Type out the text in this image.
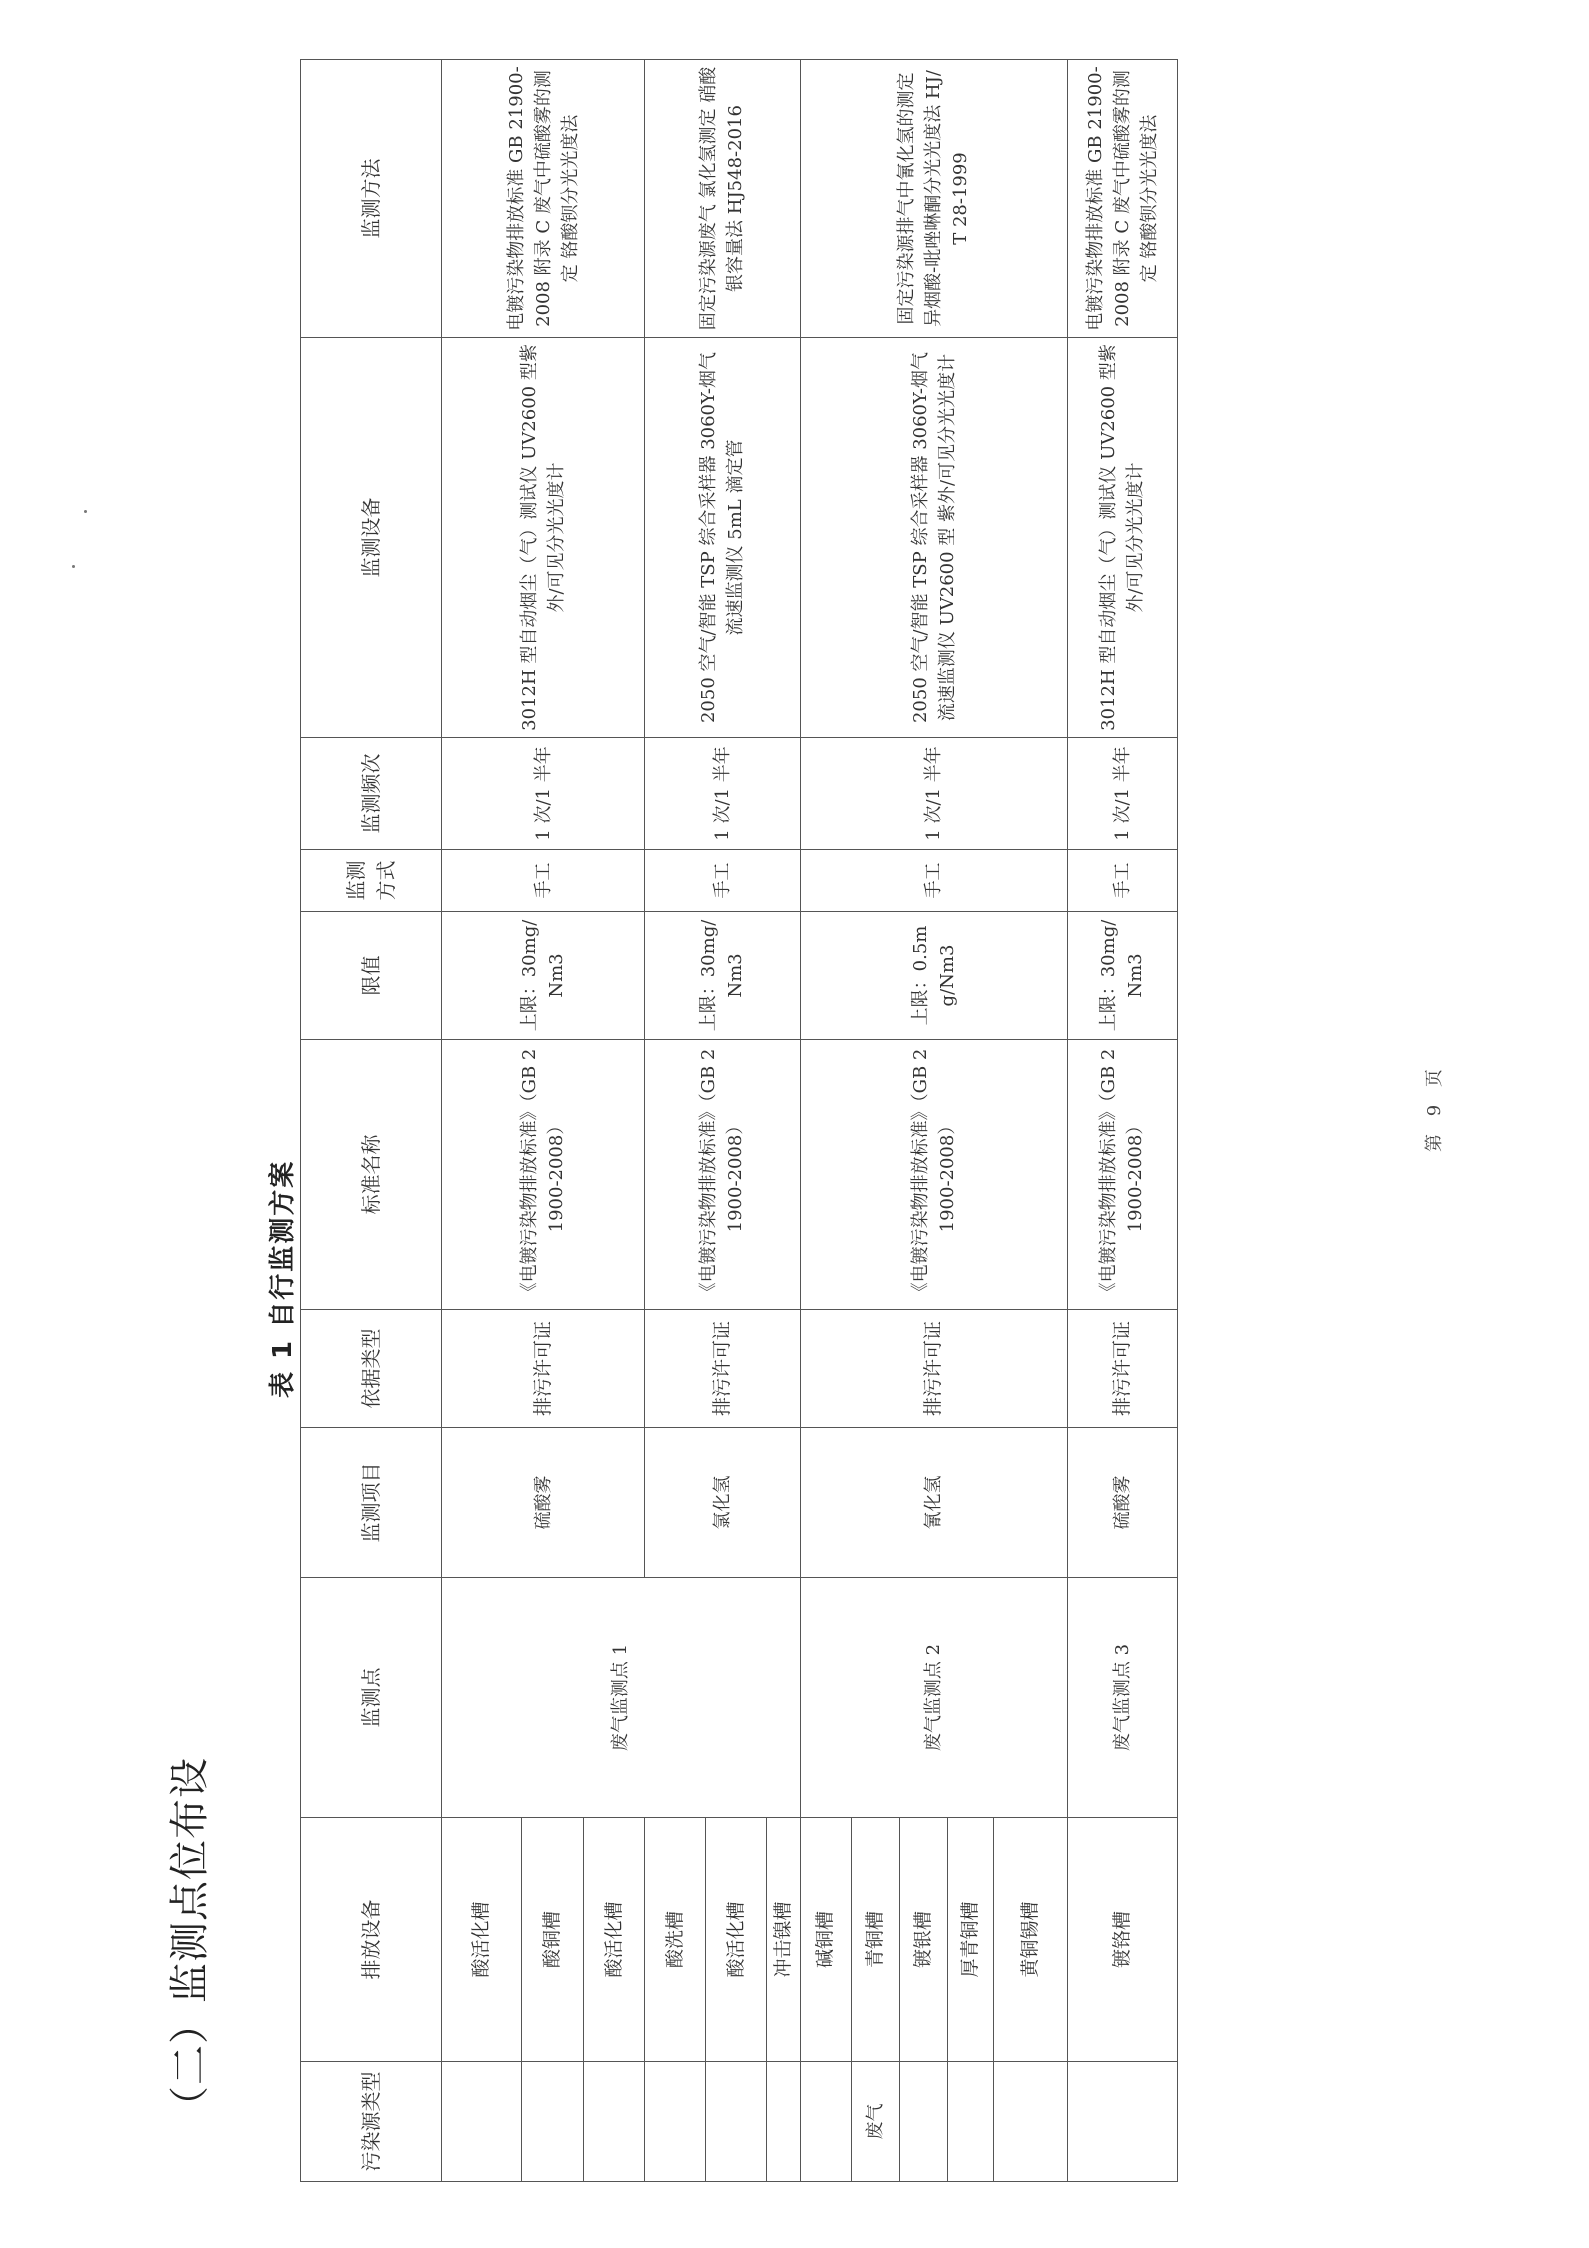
（二）监测点位布设
表 1 自行监测方案
污染源类型	排放设备	监测点	监测项目	依据类型	标准名称	限值	监测方式	监测频次	监测设备	监测方法
	酸活化槽	废气监测点 1	硫酸雾	排污许可证	《电镀污染物排放标准》（GB 21900-2008）	上限：30mg/Nm3	手工	1 次/1 半年	3012H 型自动烟尘（气）测试仪 UV2600 型紫外/可见分光光度计	电镀污染物排放标准 GB 21900-2008 附录 C 废气中硫酸雾的测定 铬酸钡分光光度法
	酸铜槽									
	酸活化槽									
	酸洗槽		氯化氢	排污许可证	《电镀污染物排放标准》（GB 21900-2008）	上限：30mg/Nm3	手工	1 次/1 半年	2050 空气/智能 TSP 综合采样器 3060Y-烟气流速监测仪 5mL 滴定管	固定污染源废气 氯化氢测定 硝酸银容量法 HJ548-2016
	酸活化槽									
	冲击镍槽									
	碱铜槽	废气监测点 2	氰化氢	排污许可证	《电镀污染物排放标准》（GB 21900-2008）	上限：0.5mg/Nm3	手工	1 次/1 半年	2050 空气/智能 TSP 综合采样器 3060Y-烟气流速监测仪 UV2600 型 紫外/可见分光光度计	固定污染源排气中氰化氢的测定 异烟酸-吡唑啉酮分光光度法 HJ/T 28-1999
废气	青铜槽									
	镀银槽									
	厚青铜槽									
	黄铜锡槽									
	镀铬槽	废气监测点 3	硫酸雾	排污许可证	《电镀污染物排放标准》（GB 21900-2008）	上限：30mg/Nm3	手工	1 次/1 半年	3012H 型自动烟尘（气）测试仪 UV2600 型紫外/可见分光光度计	电镀污染物排放标准 GB 21900-2008 附录 C 废气中硫酸雾的测定 铬酸钡分光光度法
第 9 页
